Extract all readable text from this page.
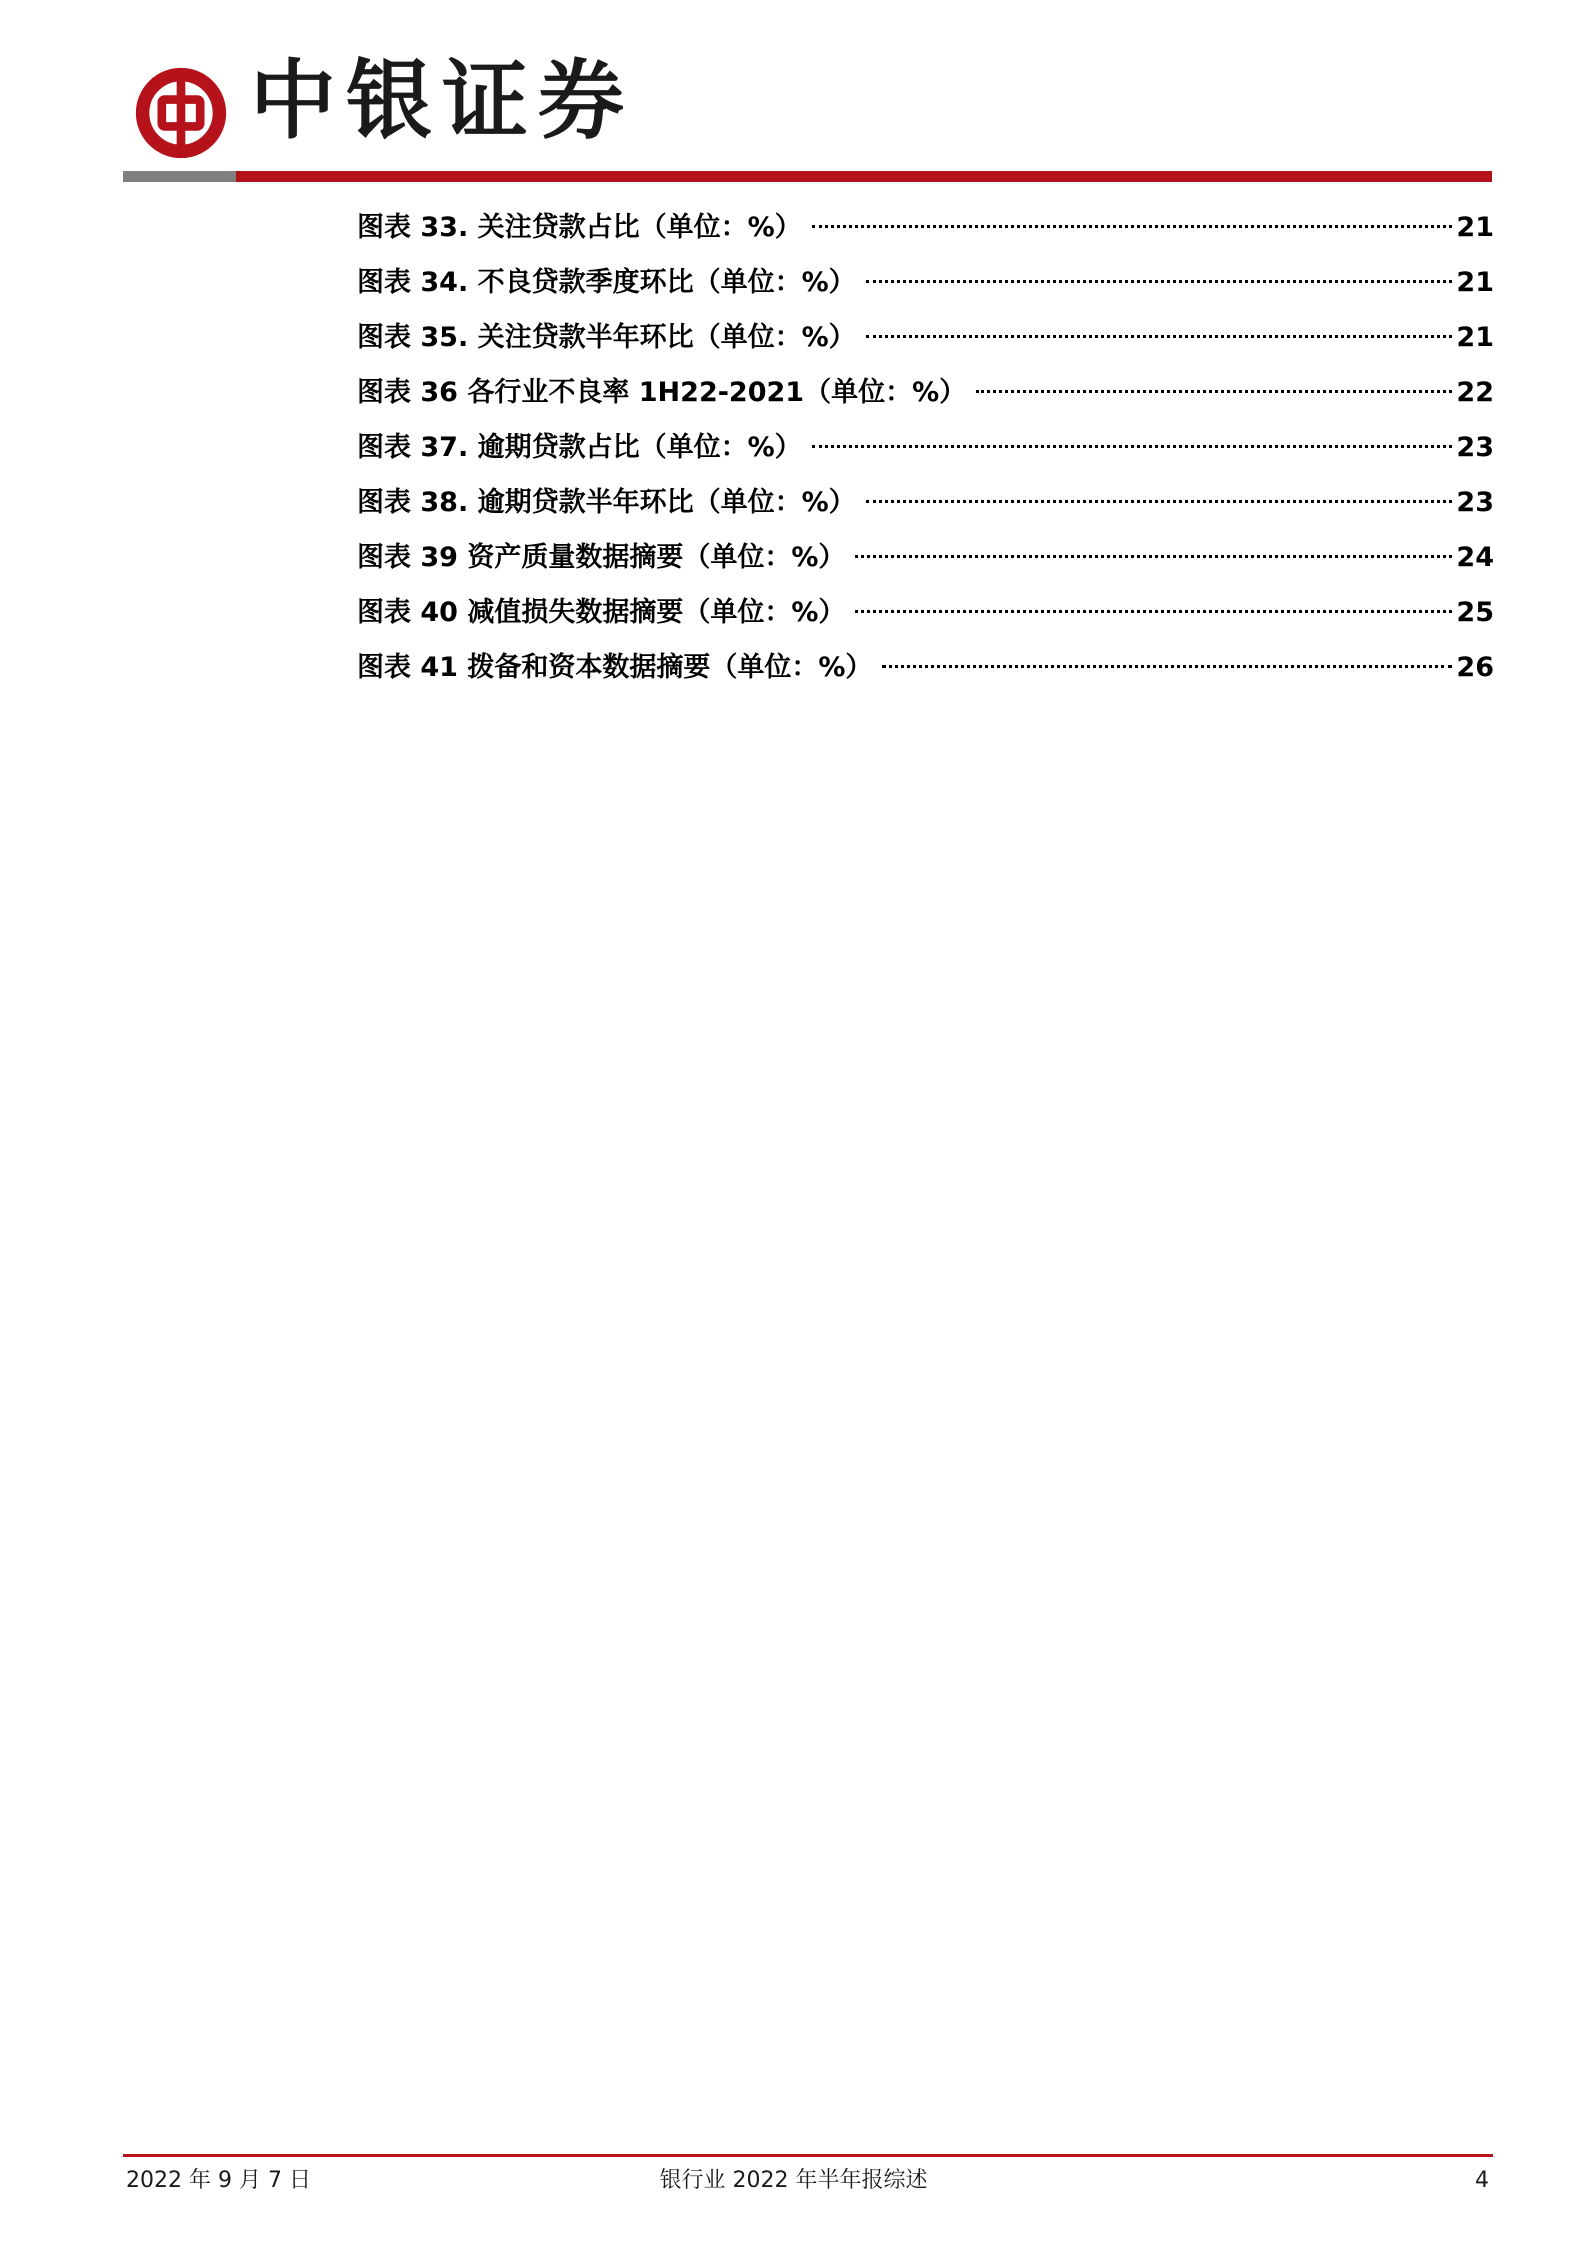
中银证券
图表 33. 关注贷款占比（单位：%）	21
图表 34. 不良贷款季度环比（单位：%）	21
图表 35. 关注贷款半年环比（单位：%）	21
图表 36 各行业不良率 1H22-2021（单位：%）	22
图表 37. 逾期贷款占比（单位：%）	23
图表 38. 逾期贷款半年环比（单位：%）	23
图表 39 资产质量数据摘要（单位：%）	24
图表 40 减值损失数据摘要（单位：%）	25
图表 41 拨备和资本数据摘要（单位：%）	26
2022 年 9 月 7 日	银行业 2022 年半年报综述	4
